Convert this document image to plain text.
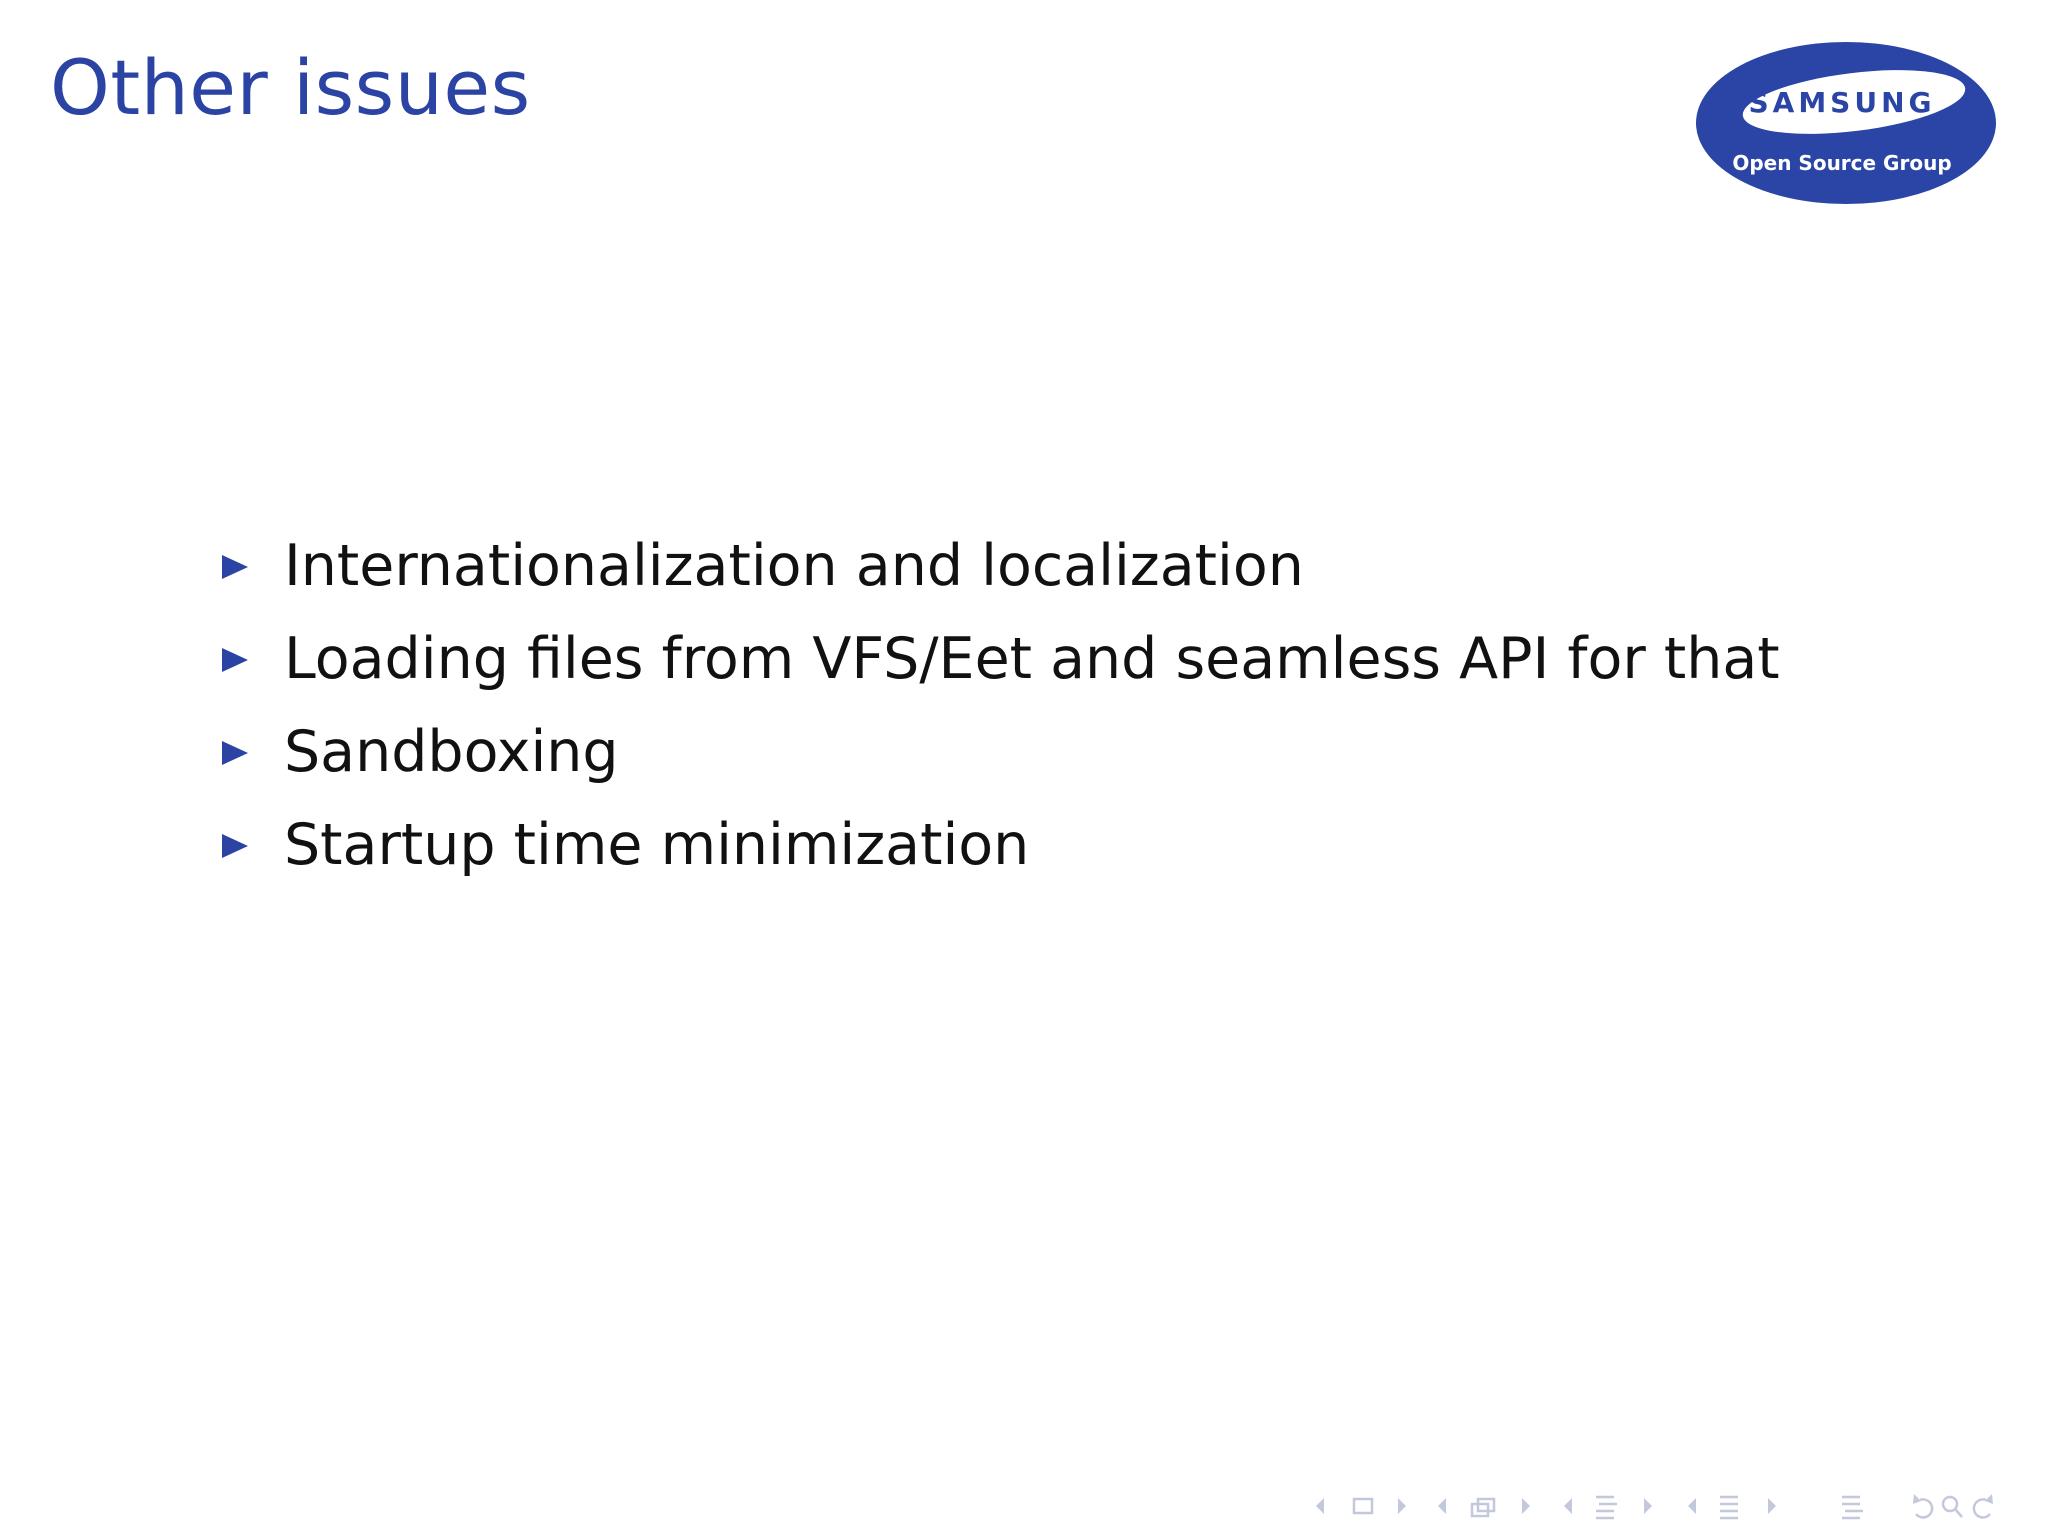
Other issues	SAMSUNG
Open Source Group
Internationalization and localization
Loading files from VFS/Eet and seamless API for that
Sandboxing
Startup time minimization
